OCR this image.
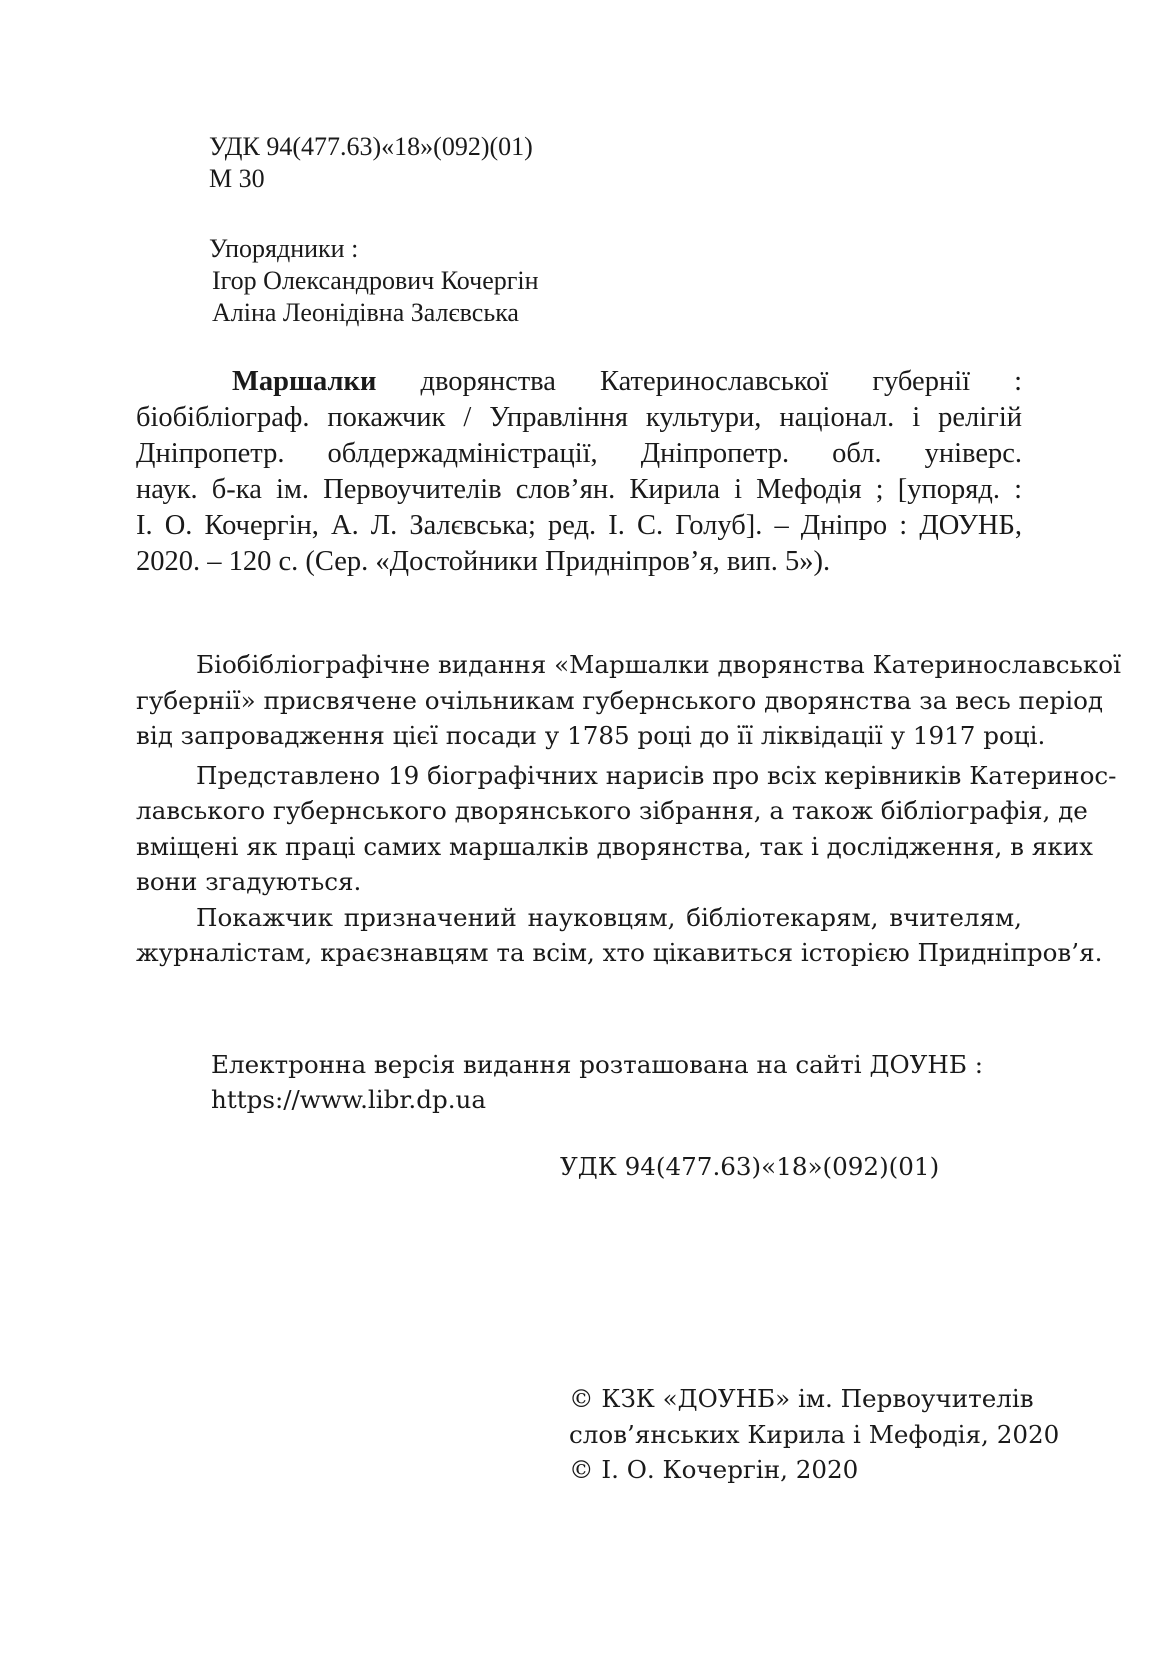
УДК 94(477.63)«18»(092)(01)
М 30
Упорядники :
Ігор Олександрович Кочергін
Аліна Леонідівна Залєвська
Маршалки дворянства Катеринославської губернії :
біобібліограф. покажчик / Управління культури, націонал. і релігій
Дніпропетр. облдержадміністрації, Дніпропетр. обл. універс.
наук. б-ка ім. Первоучителів слов’ян. Кирила і Мефодія ; [упоряд. :
І. О. Кочергін, А. Л. Залєвська; ред. І. С. Голуб]. – Дніпро : ДОУНБ,
2020. – 120 с. (Сер. «Достойники Придніпров’я, вип. 5»).
Біобібліографічне видання «Маршалки дворянства Катеринославської
губернії» присвячене очільникам губернського дворянства за весь період
від запровадження цієї посади у 1785 році до її ліквідації у 1917 році.
Представлено 19 біографічних нарисів про всіх керівників Катеринос-
лавського губернського дворянського зібрання, а також бібліографія, де
вміщені як праці самих маршалків дворянства, так і дослідження, в яких
вони згадуються.
Покажчик призначений науковцям, бібліотекарям, вчителям,
журналістам, краєзнавцям та всім, хто цікавиться історією Придніпров’я.
Електронна версія видання розташована на сайті ДОУНБ :
https://www.libr.dp.ua
УДК 94(477.63)«18»(092)(01)
© КЗК «ДОУНБ» ім. Первоучителів
слов’янських Кирила і Мефодія, 2020
© І. О. Кочергін, 2020
